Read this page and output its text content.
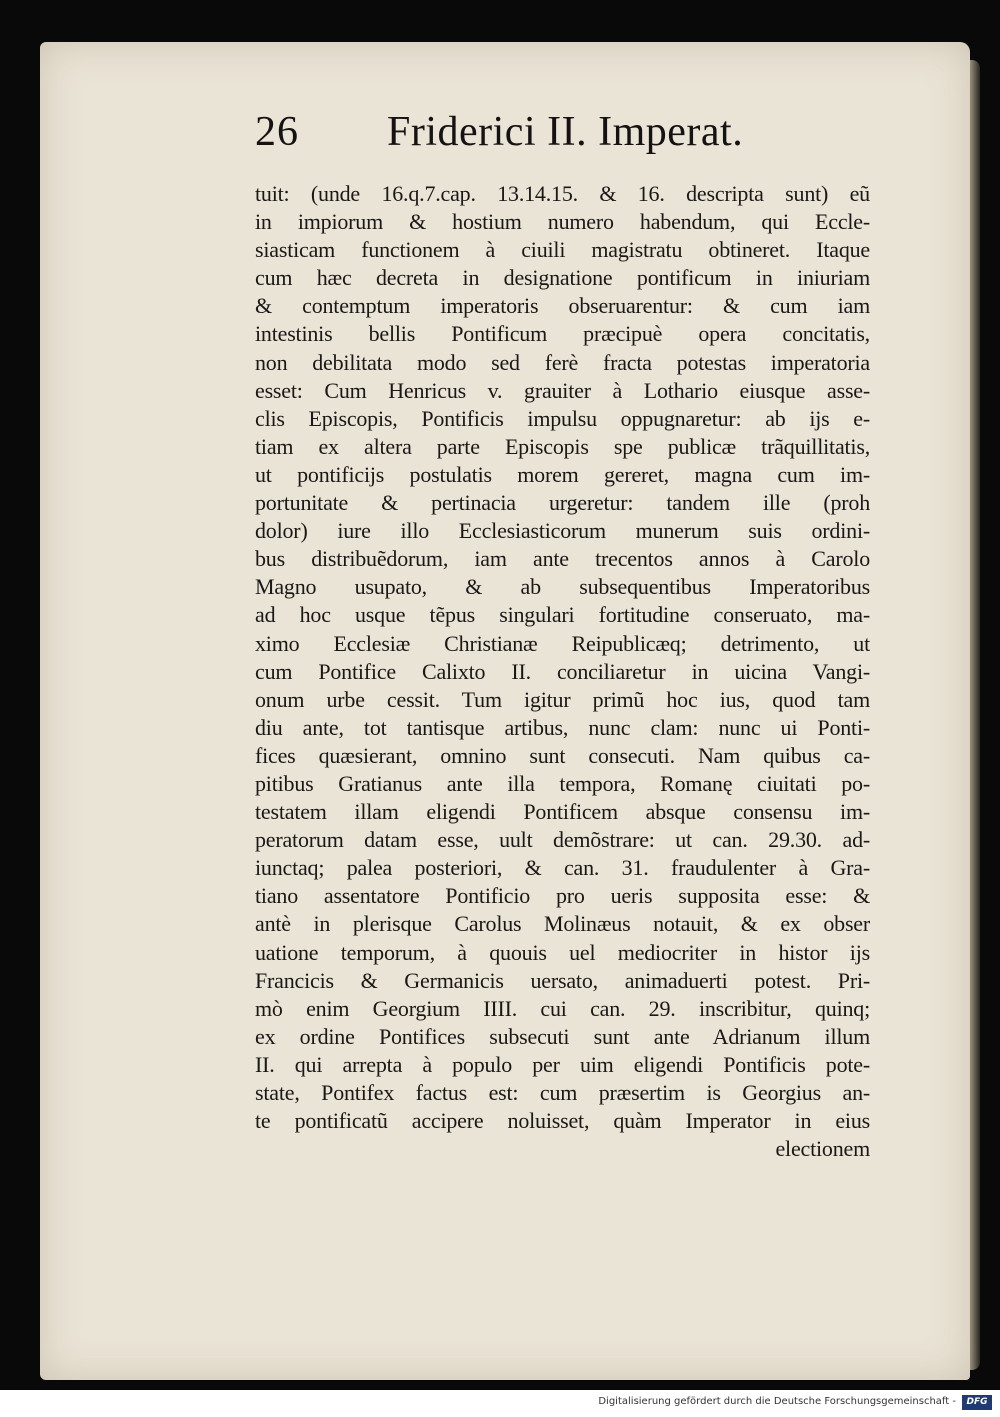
26 Friderici II. Imperat.
tuit: (unde 16.q.7.cap. 13.14.15. & 16. descripta sunt) eũ
in impiorum & hostium numero habendum, qui Eccle-
siasticam functionem à ciuili magistratu obtineret. Itaque
cum hæc decreta in designatione pontificum in iniuriam
& contemptum imperatoris obseruarentur: & cum iam
intestinis bellis Pontificum præcipuè opera concitatis,
non debilitata modo sed ferè fracta potestas imperatoria
esset: Cum Henricus v. grauiter à Lothario eiusque asse-
clis Episcopis, Pontificis impulsu oppugnaretur: ab ijs e-
tiam ex altera parte Episcopis spe publicæ trãquillitatis,
ut pontificijs postulatis morem gereret, magna cum im-
portunitate & pertinacia urgeretur: tandem ille (proh
dolor) iure illo Ecclesiasticorum munerum suis ordini-
bus distribuẽdorum, iam ante trecentos annos à Carolo
Magno usupato, & ab subsequentibus Imperatoribus
ad hoc usque tẽpus singulari fortitudine conseruato, ma-
ximo Ecclesiæ Christianæ Reipublicæq; detrimento, ut
cum Pontifice Calixto II. conciliaretur in uicina Vangi-
onum urbe cessit. Tum igitur primũ hoc ius, quod tam
diu ante, tot tantisque artibus, nunc clam: nunc ui Ponti-
fices quæsierant, omnino sunt consecuti. Nam quibus ca-
pitibus Gratianus ante illa tempora, Romanę ciuitati po-
testatem illam eligendi Pontificem absque consensu im-
peratorum datam esse, uult demõstrare: ut can. 29.30. ad-
iunctaq; palea posteriori, & can. 31. fraudulenter à Gra-
tiano assentatore Pontificio pro ueris supposita esse: &
antè in plerisque Carolus Molinæus notauit, & ex obser
uatione temporum, à quouis uel mediocriter in histor ijs
Francicis & Germanicis uersato, animaduerti potest. Pri-
mò enim Georgium IIII. cui can. 29. inscribitur, quinq;
ex ordine Pontifices subsecuti sunt ante Adrianum illum
II. qui arrepta à populo per uim eligendi Pontificis pote-
state, Pontifex factus est: cum præsertim is Georgius an-
te pontificatũ accipere noluisset, quàm Imperator in eius
electionem
Digitalisierung gefördert durch die Deutsche Forschungsgemeinschaft -	DFG
